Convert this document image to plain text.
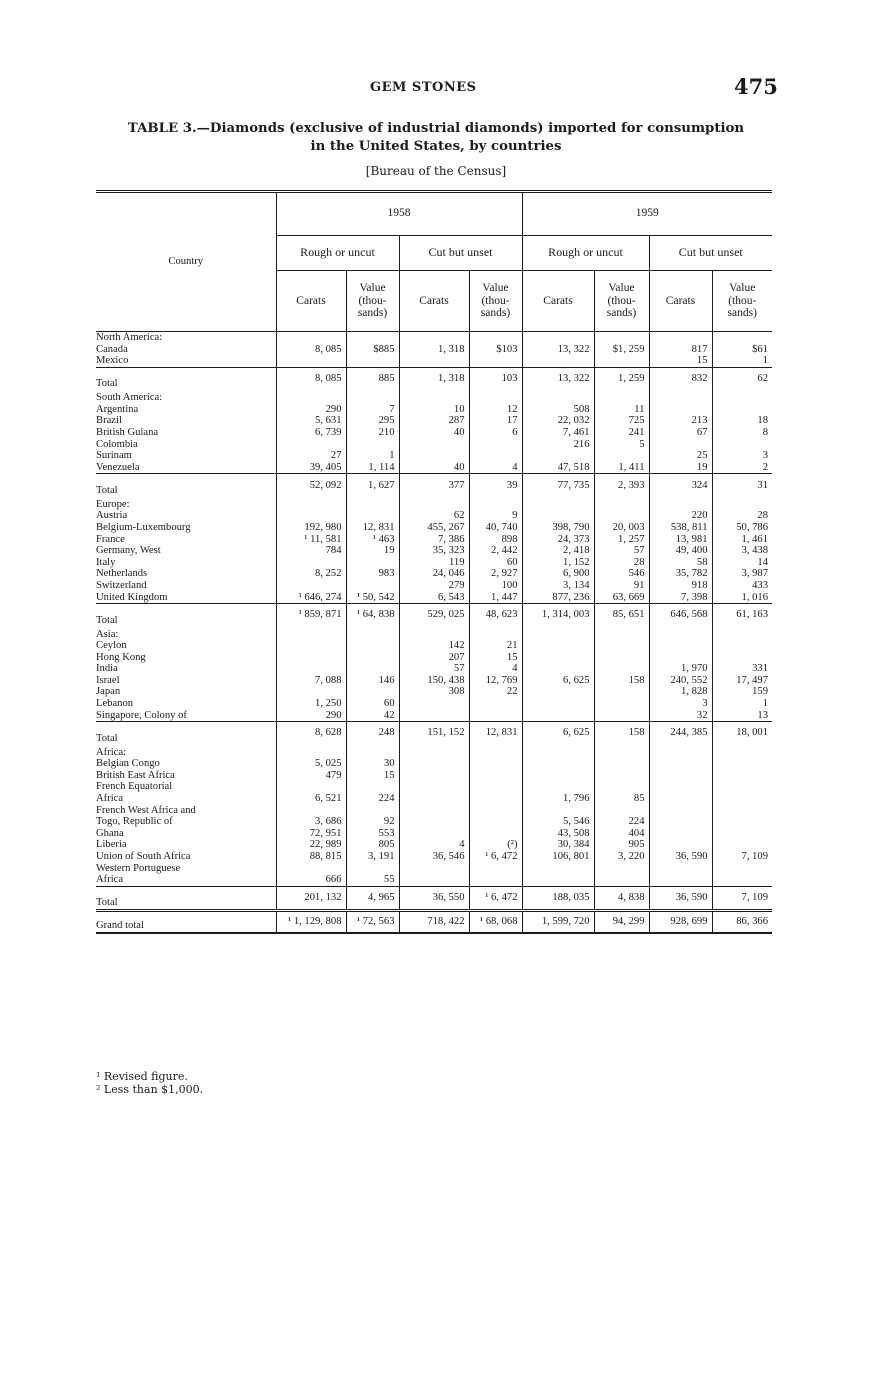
GEM STONES	475
TABLE 3.—Diamonds (exclusive of industrial diamonds) imported for consumption
in the United States, by countries
[Bureau of the Census]
Country	1958				1959			
	Rough or uncut		Cut but unset		Rough or uncut		Cut but unset	
	Carats	Value (thou- sands)	Carats	Value (thou- sands)	Carats	Value (thou- sands)	Carats	Value (thou- sands)
North America:								
Canada	8, 085	$885	1, 318	$103	13, 322	$1, 259	817	$61
Mexico							15	1
Total	8, 085	885	1, 318	103	13, 322	1, 259	832	62
South America:								
Argentina	290	7	10	12	508	11		
Brazil	5, 631	295	287	17	22, 032	725	213	18
British Guiana	6, 739	210	40	6	7, 461	241	67	8
Colombia					216	5		
Surinam	27	1					25	3
Venezuela	39, 405	1, 114	40	4	47, 518	1, 411	19	2
Total	52, 092	1, 627	377	39	77, 735	2, 393	324	31
Europe:								
Austria			62	9			220	28
Belgium-Luxembourg	192, 980	12, 831	455, 267	40, 740	398, 790	20, 003	538, 811	50, 786
France	¹ 11, 581	¹ 463	7, 386	898	24, 373	1, 257	13, 981	1, 461
Germany, West	784	19	35, 323	2, 442	2, 418	57	49, 400	3, 438
Italy			119	60	1, 152	28	58	14
Netherlands	8, 252	983	24, 046	2, 927	6, 900	546	35, 782	3, 987
Switzerland			279	100	3, 134	91	918	433
United Kingdom	¹ 646, 274	¹ 50, 542	6, 543	1, 447	877, 236	63, 669	7, 398	1, 016
Total	¹ 859, 871	¹ 64, 838	529, 025	48, 623	1, 314, 003	85, 651	646, 568	61, 163
Asia:								
Ceylon			142	21				
Hong Kong			207	15				
India			57	4			1, 970	331
Israel	7, 088	146	150, 438	12, 769	6, 625	158	240, 552	17, 497
Japan			308	22			1, 828	159
Lebanon	1, 250	60					3	1
Singapore, Colony of	290	42					32	13
Total	8, 628	248	151, 152	12, 831	6, 625	158	244, 385	18, 001
Africa:								
Belgian Congo	5, 025	30						
British East Africa	479	15						
French Equatorial								
Africa	6, 521	224			1, 796	85		
French West Africa and								
Togo, Republic of	3, 686	92			5, 546	224		
Ghana	72, 951	553			43, 508	404		
Liberia	22, 989	805	4	(²)	30, 384	905		
Union of South Africa	88, 815	3, 191	36, 546	¹ 6, 472	106, 801	3, 220	36, 590	7, 109
Western Portuguese								
Africa	666	55						
Total	201, 132	4, 965	36, 550	¹ 6, 472	188, 035	4, 838	36, 590	7, 109
Grand total	¹ 1, 129, 808	¹ 72, 563	718, 422	¹ 68, 068	1, 599, 720	94, 299	928, 699	86, 366
¹ Revised figure.
² Less than $1,000.
